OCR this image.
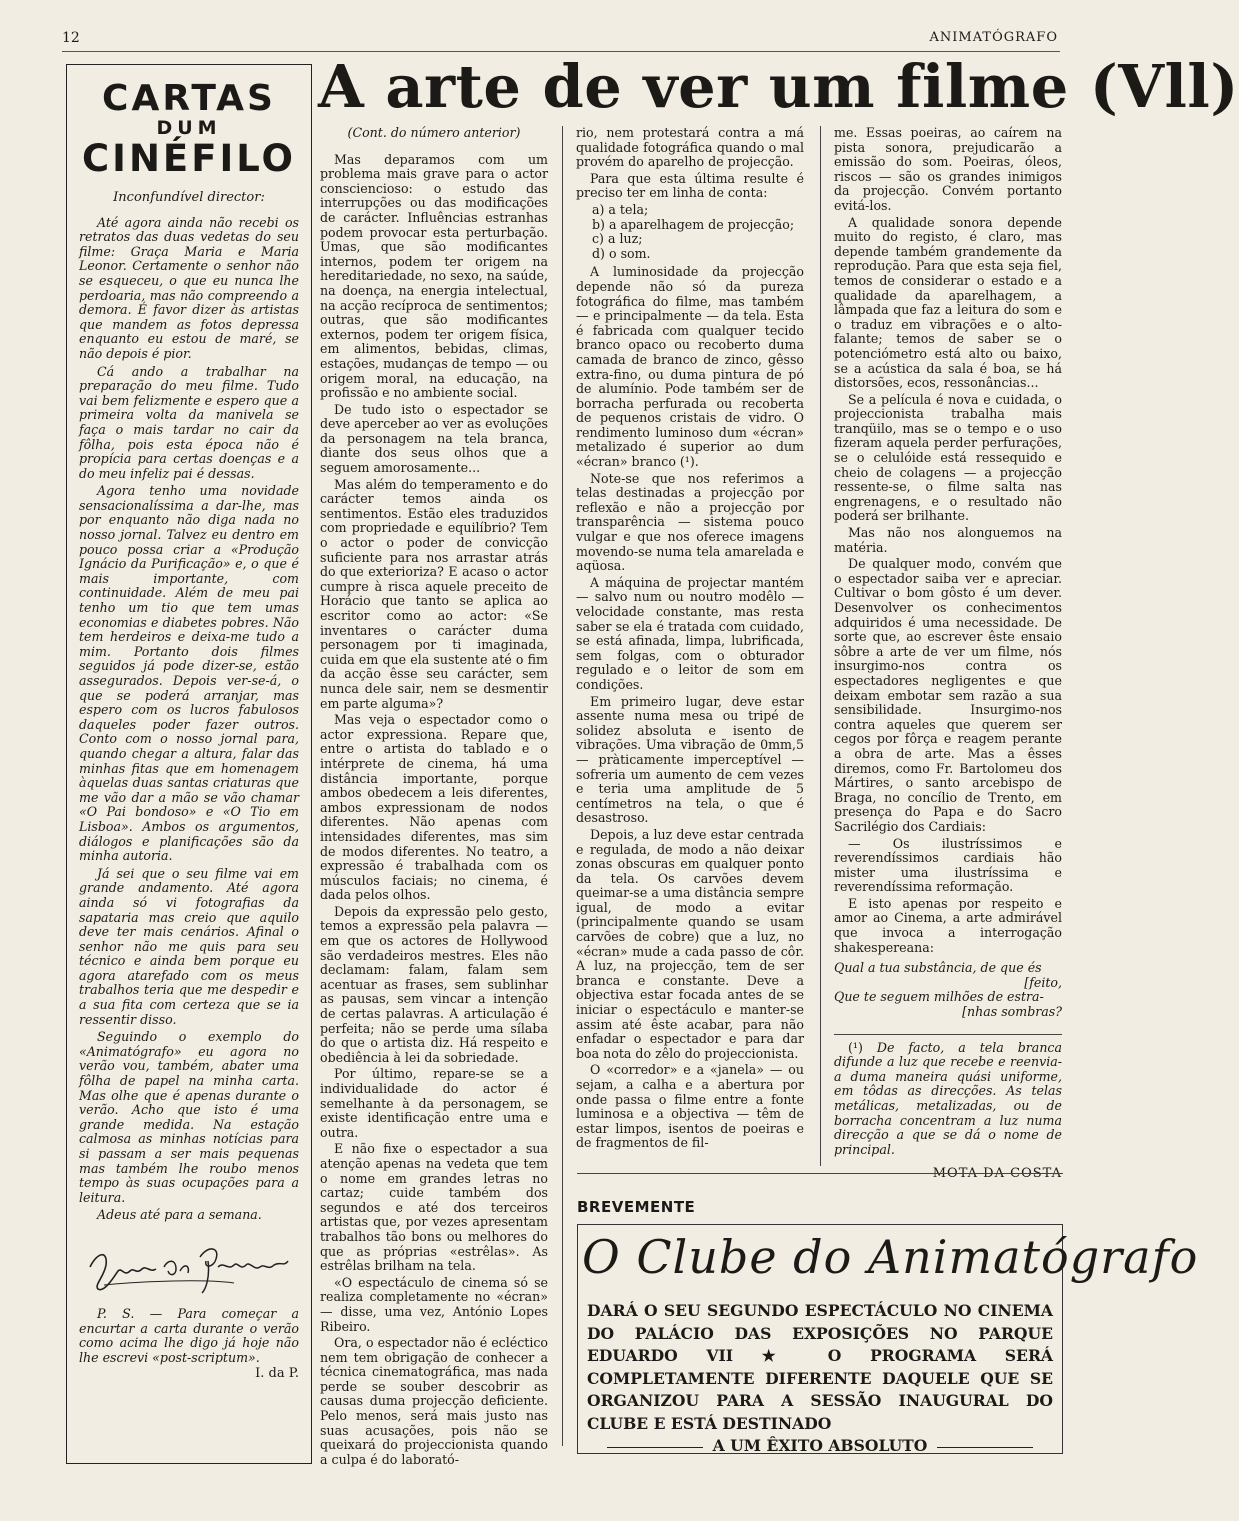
12	ANIMATÓGRAFO
CARTAS
DUM
CINÉFILO

Inconfundível director:

Até agora ainda não recebi os retratos das duas vedetas do seu filme: Graça Maria e Maria Leonor. Certamente o senhor não se esqueceu, o que eu nunca lhe perdoaria, mas não compreendo a demora. É favor dizer às artistas que mandem as fotos depressa enquanto eu estou de maré, se não depois é pior.

Cá ando a trabalhar na preparação do meu filme. Tudo vai bem felizmente e espero que a primeira volta da manivela se faça o mais tardar no cair da fôlha, pois esta época não é propícia para certas doenças e a do meu infeliz pai é dessas.

Agora tenho uma novidade sensacionalíssima a dar-lhe, mas por enquanto não diga nada no nosso jornal. Talvez eu dentro em pouco possa criar a «Produção Ignácio da Purificação» e, o que é mais importante, com continuidade. Além de meu pai tenho um tio que tem umas economias e diabetes pobres. Não tem herdeiros e deixa-me tudo a mim. Portanto dois filmes seguidos já pode dizer-se, estão assegurados. Depois ver-se-á, o que se poderá arranjar, mas espero com os lucros fabulosos daqueles poder fazer outros. Conto com o nosso jornal para, quando chegar a altura, falar das minhas fitas que em homenagem àquelas duas santas criaturas que me vão dar a mão se vão chamar «O Pai bondoso» e «O Tio em Lisboa». Ambos os argumentos, diálogos e planificações são da minha autoria.

Já sei que o seu filme vai em grande andamento. Até agora ainda só vi fotografias da sapataria mas creio que aquilo deve ter mais cenários. Afinal o senhor não me quis para seu técnico e ainda bem porque eu agora atarefado com os meus trabalhos teria que me despedir e a sua fita com certeza que se ia ressentir disso.

Seguindo o exemplo do «Animatógrafo» eu agora no verão vou, também, abater uma fôlha de papel na minha carta. Mas olhe que é apenas durante o verão. Acho que isto é uma grande medida. Na estação calmosa as minhas notícias para si passam a ser mais pequenas mas também lhe roubo menos tempo às suas ocupações para a leitura.

Adeus até para a semana.

P. S. — Para começar a encurtar a carta durante o verão como acima lhe digo já hoje não lhe escrevi «post-scriptum».

I. da P.
A arte de ver um filme (Vll)

(Cont. do número anterior)

Mas deparamos com um problema mais grave para o actor consciencioso: o estudo das interrupções ou das modificações de carácter. Influências estranhas podem provocar esta perturbação. Umas, que são modificantes internos, podem ter origem na hereditariedade, no sexo, na saúde, na doença, na energia intelectual, na acção recíproca de sentimentos; outras, que são modificantes externos, podem ter origem física, em alimentos, bebidas, climas, estações, mudanças de tempo — ou origem moral, na educação, na profissão e no ambiente social.

De tudo isto o espectador se deve aperceber ao ver as evoluções da personagem na tela branca, diante dos seus olhos que a seguem amorosamente...

Mas além do temperamento e do carácter temos ainda os sentimentos. Estão eles traduzidos com propriedade e equilíbrio? Tem o actor o poder de convicção suficiente para nos arrastar atrás do que exterioriza? E acaso o actor cumpre à risca aquele preceito de Horácio que tanto se aplica ao escritor como ao actor: «Se inventares o carácter duma personagem por ti imaginada, cuida em que ela sustente até o fim da acção êsse seu carácter, sem nunca dele sair, nem se desmentir em parte alguma»?

Mas veja o espectador como o actor expressiona. Repare que, entre o artista do tablado e o intérprete de cinema, há uma distância importante, porque ambos obedecem a leis diferentes, ambos expressionam de nodos diferentes. Não apenas com intensidades diferentes, mas sim de modos diferentes. No teatro, a expressão é trabalhada com os músculos faciais; no cinema, é dada pelos olhos.

Depois da expressão pelo gesto, temos a expressão pela palavra — em que os actores de Hollywood são verdadeiros mestres. Eles não declamam: falam, falam sem acentuar as frases, sem sublinhar as pausas, sem vincar a intenção de certas palavras. A articulação é perfeita; não se perde uma sílaba do que o artista diz. Há respeito e obediência à lei da sobriedade.

Por último, repare-se se a individualidade do actor é semelhante à da personagem, se existe identificação entre uma e outra.

E não fixe o espectador a sua atenção apenas na vedeta que tem o nome em grandes letras no cartaz; cuide também dos segundos e até dos terceiros artistas que, por vezes apresentam trabalhos tão bons ou melhores do que as próprias «estrêlas». As estrêlas brilham na tela.

«O espectáculo de cinema só se realiza completamente no «écran» — disse, uma vez, António Lopes Ribeiro.

Ora, o espectador não é ecléctico nem tem obrigação de conhecer a técnica cinematográfica, mas nada perde se souber descobrir as causas duma projecção deficiente. Pelo menos, será mais justo nas suas acusações, pois não se queixará do projeccionista quando a culpa é do laborató-

rio, nem protestará contra a má qualidade fotográfica quando o mal provém do aparelho de projecção.

Para que esta última resulte é preciso ter em linha de conta:

a) a tela;
b) a aparelhagem de projecção;
c) a luz;
d) o som.

A luminosidade da projecção depende não só da pureza fotográfica do filme, mas também — e principalmente — da tela. Esta é fabricada com qualquer tecido branco opaco ou recoberto duma camada de branco de zinco, gêsso extra-fino, ou duma pintura de pó de alumínio. Pode também ser de borracha perfurada ou recoberta de pequenos cristais de vidro. O rendimento luminoso dum «écran» metalizado é superior ao dum «écran» branco (¹).

Note-se que nos referimos a telas destinadas a projecção por reflexão e não a projecção por transparência — sistema pouco vulgar e que nos oferece imagens movendo-se numa tela amarelada e aqüosa.

A máquina de projectar mantém — salvo num ou noutro modêlo — velocidade constante, mas resta saber se ela é tratada com cuidado, se está afinada, limpa, lubrificada, sem folgas, com o obturador regulado e o leitor de som em condições.

Em primeiro lugar, deve estar assente numa mesa ou tripé de solidez absoluta e isento de vibrações. Uma vibração de 0mm,5 — pràticamente imperceptível — sofreria um aumento de cem vezes e teria uma amplitude de 5 centímetros na tela, o que é desastroso.

Depois, a luz deve estar centrada e regulada, de modo a não deixar zonas obscuras em qualquer ponto da tela. Os carvões devem queimar-se a uma distância sempre igual, de modo a evitar (principalmente quando se usam carvões de cobre) que a luz, no «écran» mude a cada passo de côr. A luz, na projecção, tem de ser branca e constante. Deve a objectiva estar focada antes de se iniciar o espectáculo e manter-se assim até êste acabar, para não enfadar o espectador e para dar boa nota do zêlo do projeccionista.

O «corredor» e a «janela» — ou sejam, a calha e a abertura por onde passa o filme entre a fonte luminosa e a objectiva — têm de estar limpos, isentos de poeiras e de fragmentos de fil-

me. Essas poeiras, ao caírem na pista sonora, prejudicarão a emissão do som. Poeiras, óleos, riscos — são os grandes inimigos da projecção. Convém portanto evitá-los.

A qualidade sonora depende muito do registo, é claro, mas depende também grandemente da reprodução. Para que esta seja fiel, temos de considerar o estado e a qualidade da aparelhagem, a lâmpada que faz a leitura do som e o traduz em vibrações e o alto-falante; temos de saber se o potenciómetro está alto ou baixo, se a acústica da sala é boa, se há distorsões, ecos, ressonâncias...

Se a película é nova e cuidada, o projeccionista trabalha mais tranqüilo, mas se o tempo e o uso fizeram aquela perder perfurações, se o celulóide está ressequido e cheio de colagens — a projecção ressente-se, o filme salta nas engrenagens, e o resultado não poderá ser brilhante.

Mas não nos alonguemos na matéria.

De qualquer modo, convém que o espectador saiba ver e apreciar. Cultivar o bom gôsto é um dever. Desenvolver os conhecimentos adquiridos é uma necessidade. De sorte que, ao escrever êste ensaio sôbre a arte de ver um filme, nós insurgimo-nos contra os espectadores negligentes e que deixam embotar sem razão a sua sensibilidade. Insurgimo-nos contra aqueles que querem ser cegos por fôrça e reagem perante a obra de arte. Mas a êsses diremos, como Fr. Bartolomeu dos Mártires, o santo arcebispo de Braga, no concílio de Trento, em presença do Papa e do Sacro Sacrilégio dos Cardiais:

— Os ilustríssimos e reverendíssimos cardiais hão mister uma ilustríssima e reverendíssima reformação.

E isto apenas por respeito e amor ao Cinema, a arte admirável que invoca a interrogação shakespereana:

Qual a tua substância, de que és

[feito,

Que te seguem milhões de estra-

[nhas sombras?

(¹) De facto, a tela branca difunde a luz que recebe e reenvia-a duma maneira quási uniforme, em tôdas as direcções. As telas metálicas, metalizadas, ou de borracha concentram a luz numa direcção a que se dá o nome de principal.

MOTA DA COSTA
BREVEMENTE
O Clube do Animatógrafo
DARÁ O SEU SEGUNDO ESPECTÁCULO NO CINEMA DO PALÁCIO DAS EXPOSIÇÕES NO PARQUE EDUARDO VII ★ O PROGRAMA SERÁ COMPLETAMENTE DIFERENTE DAQUELE QUE SE ORGANIZOU PARA A SESSÃO INAUGURAL DO CLUBE E ESTÁ DESTINADO
A UM ÊXITO ABSOLUTO
